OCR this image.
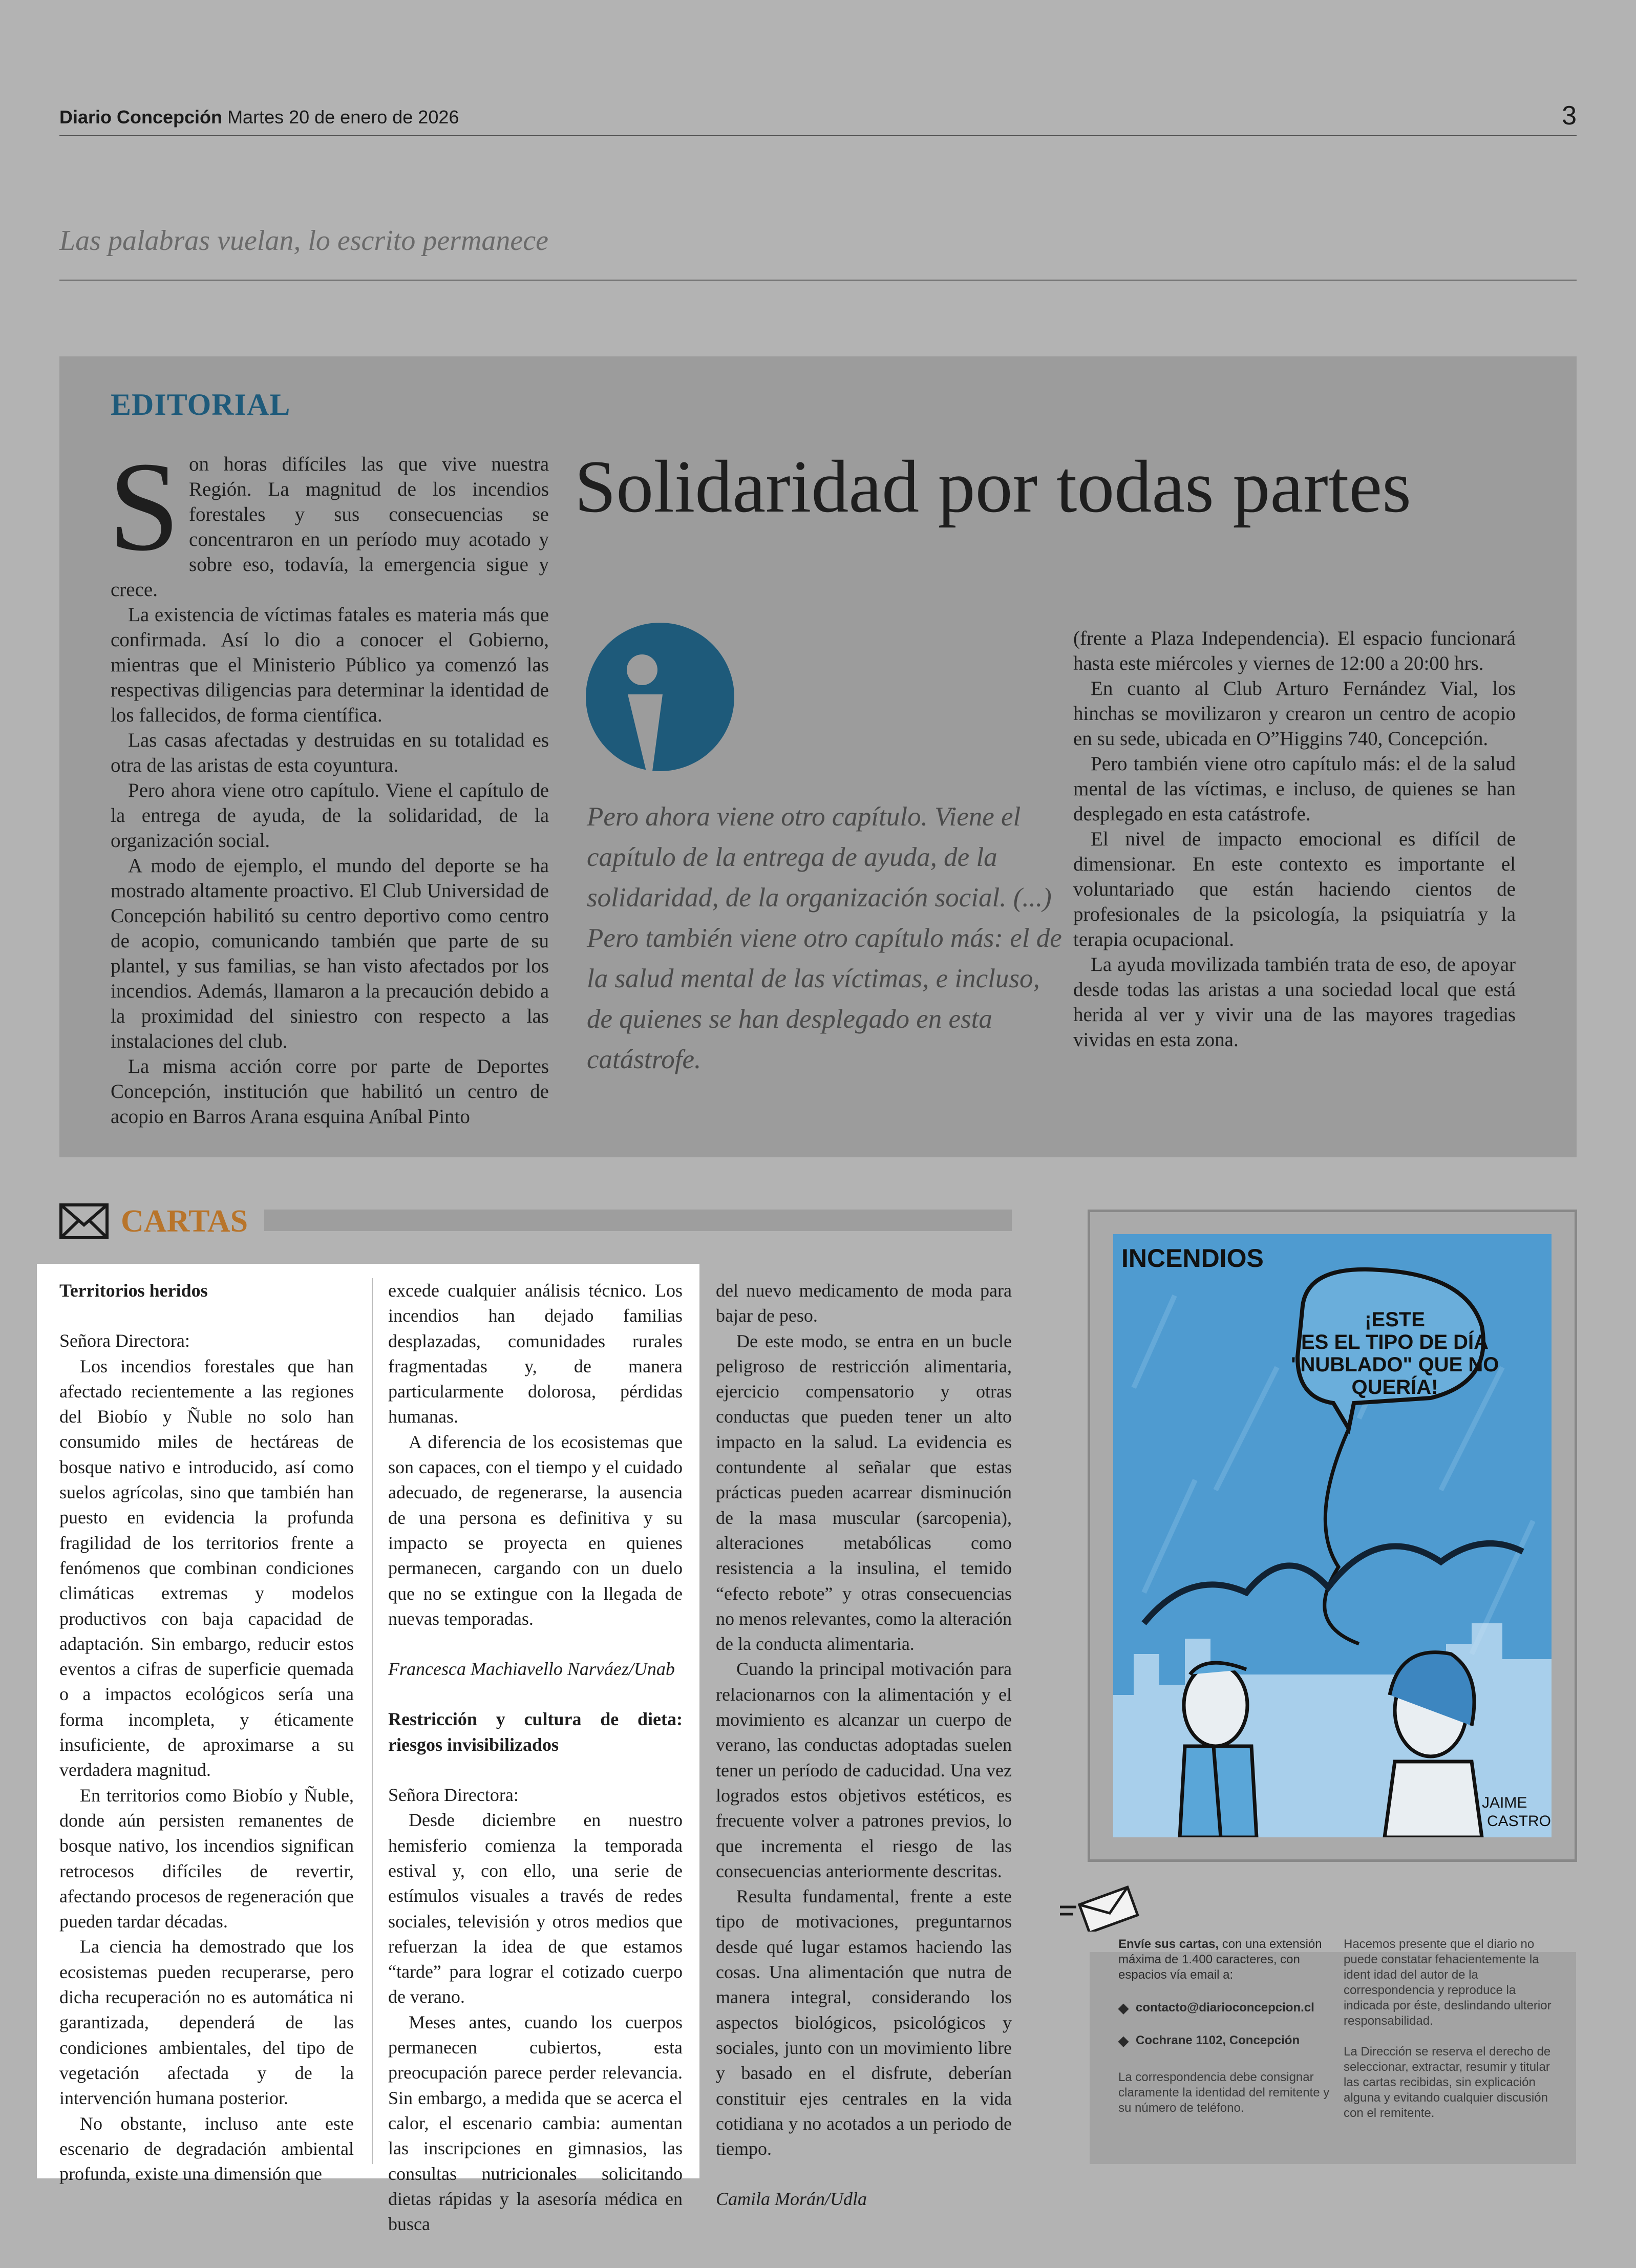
Diario Concepción Martes 20 de enero de 2026	3
Las palabras vuelan, lo escrito permanece
EDITORIAL
Solidaridad por todas partes
S on horas difíciles las que vive nuestra Región. La magnitud de los incendios forestales y sus consecuencias se concentraron en un período muy acotado y sobre eso, todavía, la emergencia sigue y crece.

La existencia de víctimas fatales es materia más que confirmada. Así lo dio a conocer el Gobierno, mientras que el Ministerio Público ya comenzó las respectivas diligencias para determinar la identidad de los fallecidos, de forma científica.

Las casas afectadas y destruidas en su totalidad es otra de las aristas de esta coyuntura.

Pero ahora viene otro capítulo. Viene el capítulo de la entrega de ayuda, de la solidaridad, de la organización social.

A modo de ejemplo, el mundo del deporte se ha mostrado altamente proactivo. El Club Universidad de Concepción habilitó su centro deportivo como centro de acopio, comunicando también que parte de su plantel, y sus familias, se han visto afectados por los incendios. Además, llamaron a la precaución debido a la proximidad del siniestro con respecto a las instalaciones del club.

La misma acción corre por parte de Deportes Concepción, institución que habilitó un centro de acopio en Barros Arana esquina Aníbal Pinto

Pero ahora viene otro capítulo. Viene el capítulo de la entrega de ayuda, de la solidaridad, de la organización social. (...) Pero también viene otro capítulo más: el de la salud mental de las víctimas, e incluso, de quienes se han desplegado en esta catástrofe.

(frente a Plaza Independencia). El espacio funcionará hasta este miércoles y viernes de 12:00 a 20:00 hrs.

En cuanto al Club Arturo Fernández Vial, los hinchas se movilizaron y crearon un centro de acopio en su sede, ubicada en O”Higgins 740, Concepción.

Pero también viene otro capítulo más: el de la salud mental de las víctimas, e incluso, de quienes se han desplegado en esta catástrofe.

El nivel de impacto emocional es difícil de dimensionar. En este contexto es importante el voluntariado que están haciendo cientos de profesionales de la psicología, la psiquiatría y la terapia ocupacional.

La ayuda movilizada también trata de eso, de apoyar desde todas las aristas a una sociedad local que está herida al ver y vivir una de las mayores tragedias vividas en esta zona.

CARTAS

Territorios heridos

Señora Directora:

Los incendios forestales que han afectado recientemente a las regiones del Biobío y Ñuble no solo han consumido miles de hectáreas de bosque nativo e introducido, así como suelos agrícolas, sino que también han puesto en evidencia la profunda fragilidad de los territorios frente a fenómenos que combinan condiciones climáticas extremas y modelos productivos con baja capacidad de adaptación. Sin embargo, reducir estos eventos a cifras de superficie quemada o a impactos ecológicos sería una forma incompleta, y éticamente insuficiente, de aproximarse a su verdadera magnitud.

En territorios como Biobío y Ñuble, donde aún persisten remanentes de bosque nativo, los incendios significan retrocesos difíciles de revertir, afectando procesos de regeneración que pueden tardar décadas.

La ciencia ha demostrado que los ecosistemas pueden recuperarse, pero dicha recuperación no es automática ni garantizada, dependerá de las condiciones ambientales, del tipo de vegetación afectada y de la intervención humana posterior.

No obstante, incluso ante este escenario de degradación ambiental profunda, existe una dimensión que

excede cualquier análisis técnico. Los incendios han dejado familias desplazadas, comunidades rurales fragmentadas y, de manera particularmente dolorosa, pérdidas humanas.

A diferencia de los ecosistemas que son capaces, con el tiempo y el cuidado adecuado, de regenerarse, la ausencia de una persona es definitiva y su impacto se proyecta en quienes permanecen, cargando con un duelo que no se extingue con la llegada de nuevas temporadas.

Francesca Machiavello Narváez/Unab

Restricción y cultura de dieta: riesgos invisibilizados

Señora Directora:

Desde diciembre en nuestro hemisferio comienza la temporada estival y, con ello, una serie de estímulos visuales a través de redes sociales, televisión y otros medios que refuerzan la idea de que estamos “tarde” para lograr el cotizado cuerpo de verano.

Meses antes, cuando los cuerpos permanecen cubiertos, esta preocupación parece perder relevancia. Sin embargo, a medida que se acerca el calor, el escenario cambia: aumentan las inscripciones en gimnasios, las consultas nutricionales solicitando dietas rápidas y la asesoría médica en busca

del nuevo medicamento de moda para bajar de peso.

De este modo, se entra en un bucle peligroso de restricción alimentaria, ejercicio compensatorio y otras conductas que pueden tener un alto impacto en la salud. La evidencia es contundente al señalar que estas prácticas pueden acarrear disminución de la masa muscular (sarcopenia), alteraciones metabólicas como resistencia a la insulina, el temido “efecto rebote” y otras consecuencias no menos relevantes, como la alteración de la conducta alimentaria.

Cuando la principal motivación para relacionarnos con la alimentación y el movimiento es alcanzar un cuerpo de verano, las conductas adoptadas suelen tener un período de caducidad. Una vez logrados estos objetivos estéticos, es frecuente volver a patrones previos, lo que incrementa el riesgo de las consecuencias anteriormente descritas.

Resulta fundamental, frente a este tipo de motivaciones, preguntarnos desde qué lugar estamos haciendo las cosas. Una alimentación que nutra de manera integral, considerando los aspectos biológicos, psicológicos y sociales, junto con un movimiento libre y basado en el disfrute, deberían constituir ejes centrales en la vida cotidiana y no acotados a un periodo de tiempo.

Camila Morán/Udla

INCENDIOS
¡ESTE
ES EL TIPO DE DÍA
"NUBLADO" QUE NO
QUERÍA!
JAIME
CASTRO

Envíe sus cartas, con una extensión máxima de 1.400 caracteres, con espacios vía email a:

◆ contacto@diarioconcepcion.cl
◆ Cochrane 1102, Concepción

La correspondencia debe consignar claramente la identidad del remitente y su número de teléfono.

Hacemos presente que el diario no puede constatar fehacientemente la ident idad del autor de la correspondencia y reproduce la indicada por éste, deslindando ulterior responsabilidad.

La Dirección se reserva el derecho de seleccionar, extractar, resumir y titular las cartas recibidas, sin explicación alguna y evitando cualquier discusión con el remitente.
